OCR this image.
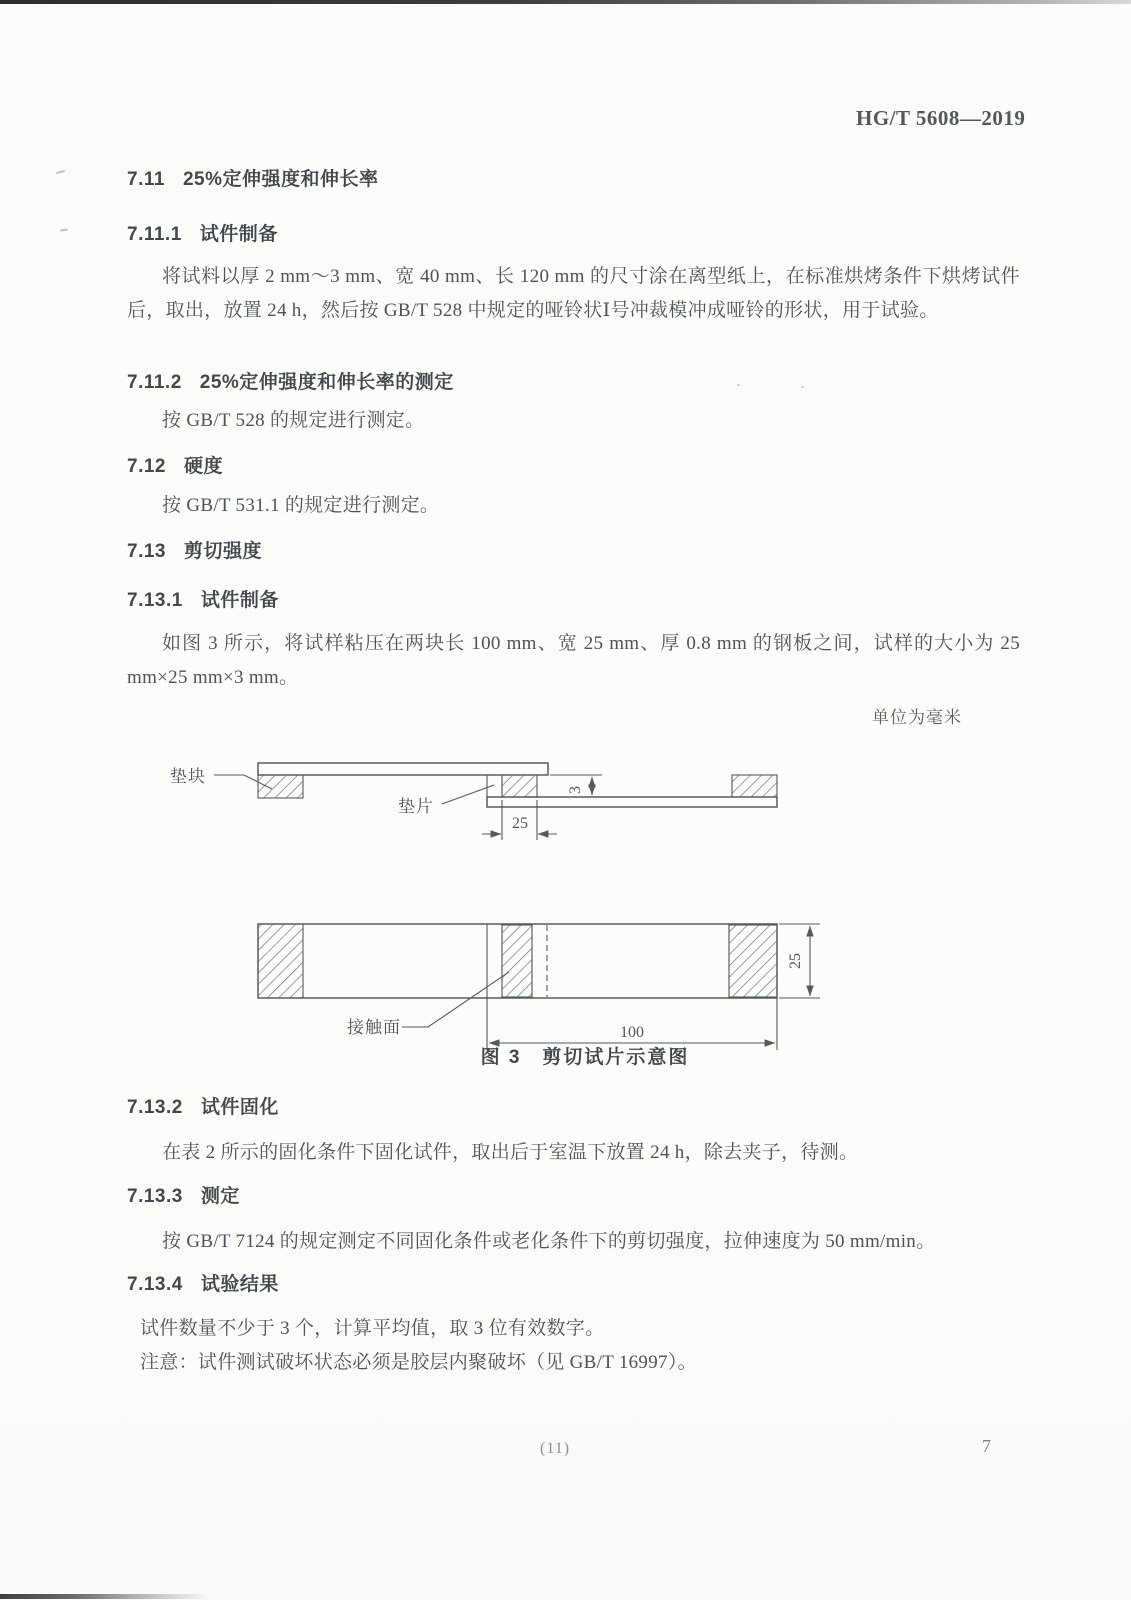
HG/T 5608—2019
7.11 25%定伸强度和伸长率
7.11.1 试件制备
将试料以厚 2 mm～3 mm、宽 40 mm、长 120 mm 的尺寸涂在离型纸上，在标准烘烤条件下烘烤试件后，取出，放置 24 h，然后按 GB/T 528 中规定的哑铃状Ⅰ号冲裁模冲成哑铃的形状，用于试验。
7.11.2 25%定伸强度和伸长率的测定
按 GB/T 528 的规定进行测定。
7.12 硬度
按 GB/T 531.1 的规定进行测定。
7.13 剪切强度
7.13.1 试件制备
如图 3 所示，将试样粘压在两块长 100 mm、宽 25 mm、厚 0.8 mm 的钢板之间，试样的大小为 25 mm×25 mm×3 mm。
单位为毫米
3
25
垫块
垫片
25
100
接触面
图 3　剪切试片示意图
7.13.2 试件固化
在表 2 所示的固化条件下固化试件，取出后于室温下放置 24 h，除去夹子，待测。
7.13.3 测定
按 GB/T 7124 的规定测定不同固化条件或老化条件下的剪切强度，拉伸速度为 50 mm/min。
7.13.4 试验结果
试件数量不少于 3 个，计算平均值，取 3 位有效数字。
注意：试件测试破坏状态必须是胶层内聚破坏（见 GB/T 16997）。
(11)	7
